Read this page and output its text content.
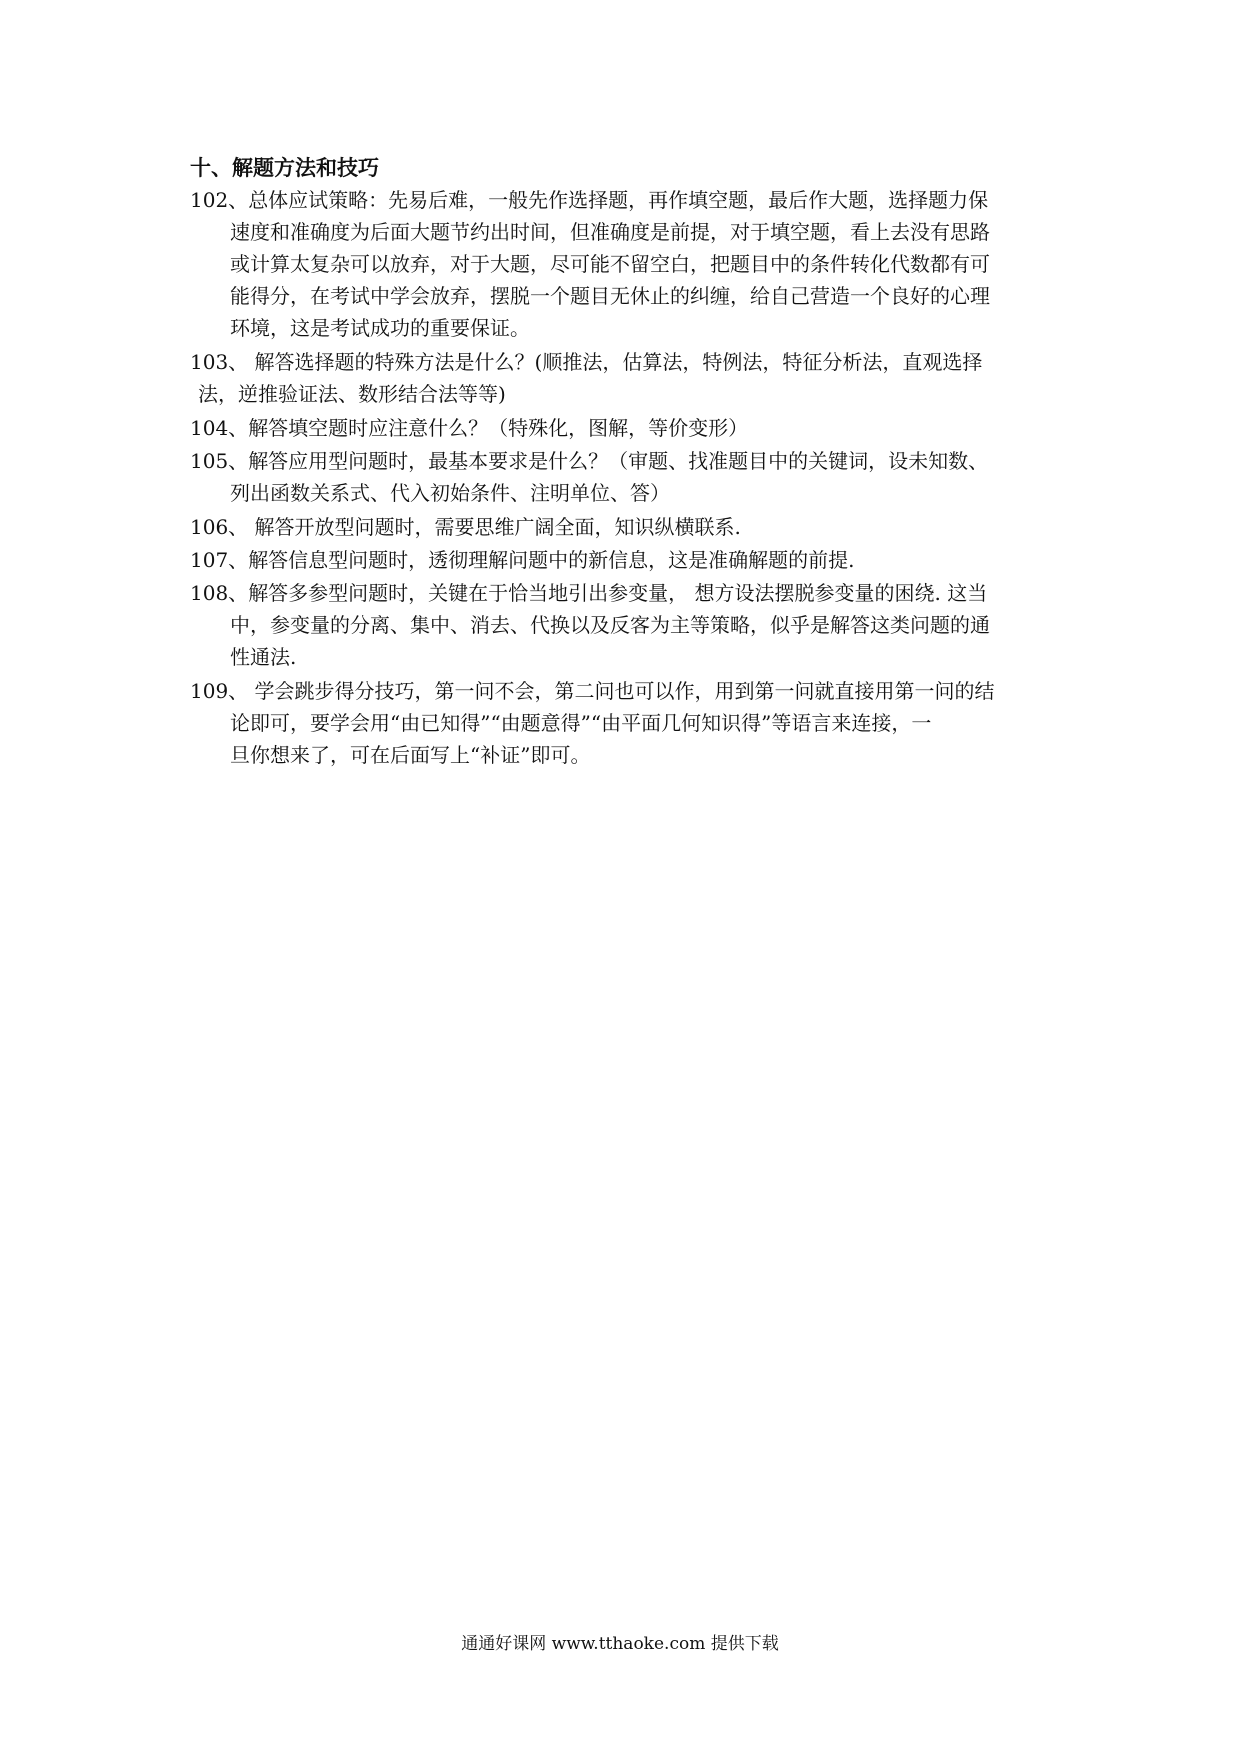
十、解题方法和技巧
102、总体应试策略：先易后难，一般先作选择题，再作填空题，最后作大题，选择题力保
速度和准确度为后面大题节约出时间，但准确度是前提，对于填空题，看上去没有思路
或计算太复杂可以放弃，对于大题，尽可能不留空白，把题目中的条件转化代数都有可
能得分，在考试中学会放弃，摆脱一个题目无休止的纠缠，给自己营造一个良好的心理
环境，这是考试成功的重要保证。
103、 解答选择题的特殊方法是什么？(顺推法，估算法，特例法，特征分析法，直观选择
法，逆推验证法、数形结合法等等)
104、解答填空题时应注意什么？（特殊化，图解，等价变形）
105、解答应用型问题时，最基本要求是什么？（审题、找准题目中的关键词，设未知数、
列出函数关系式、代入初始条件、注明单位、答）
106、 解答开放型问题时，需要思维广阔全面，知识纵横联系.
107、解答信息型问题时，透彻理解问题中的新信息，这是准确解题的前提.
108、解答多参型问题时，关键在于恰当地引出参变量， 想方设法摆脱参变量的困绕. 这当
中，参变量的分离、集中、消去、代换以及反客为主等策略，似乎是解答这类问题的通
性通法.
109、 学会跳步得分技巧，第一问不会，第二问也可以作，用到第一问就直接用第一问的结
论即可，要学会用“由已知得”“由题意得”“由平面几何知识得”等语言来连接，一
旦你想来了，可在后面写上“补证”即可。
通通好课网 www.tthaoke.com 提供下载
